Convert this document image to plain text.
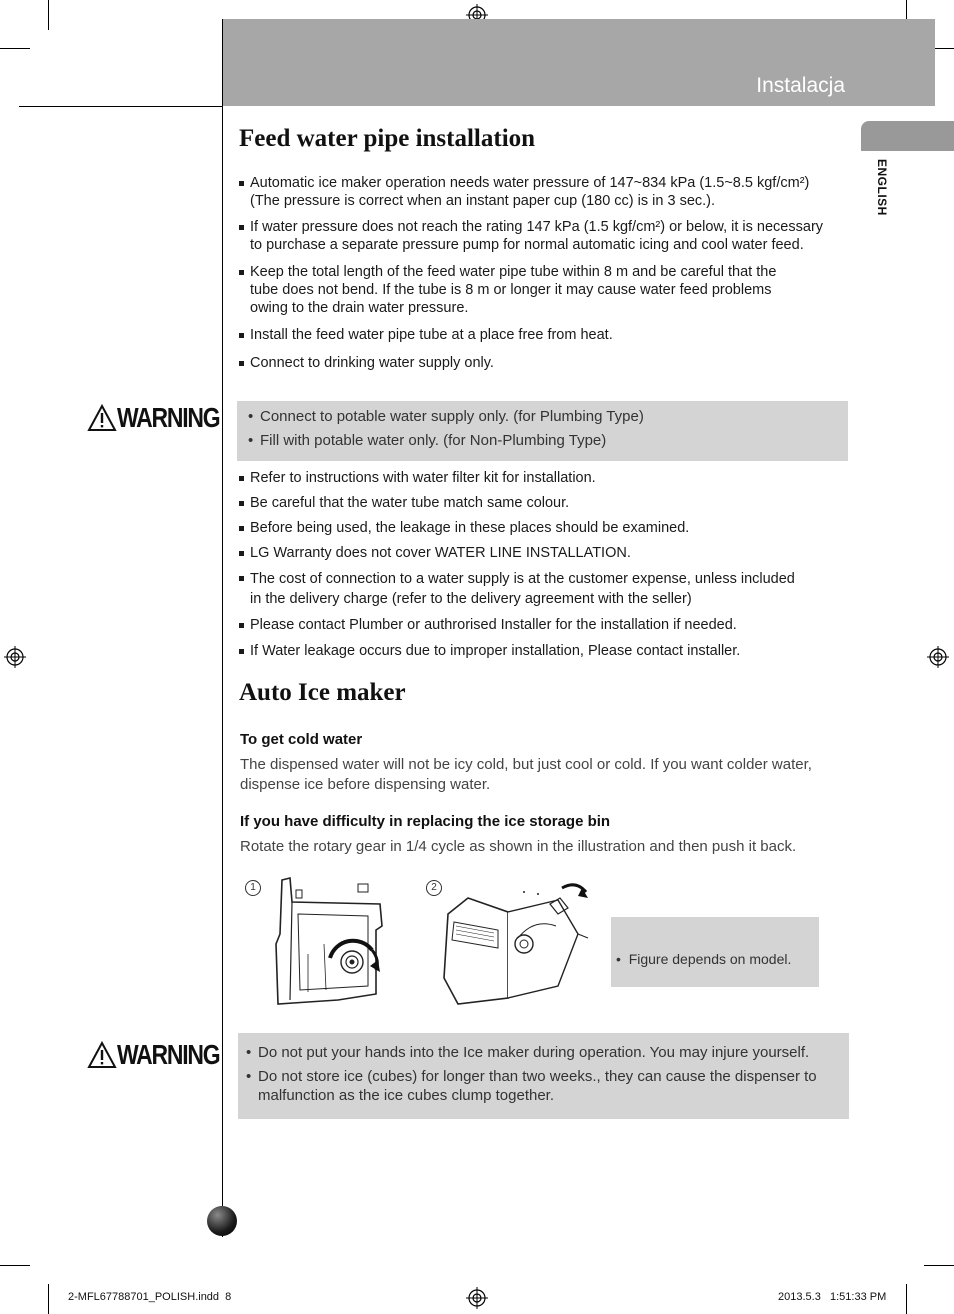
Instalacja
ENGLISH
Feed water pipe installation
Automatic ice maker operation needs water pressure of 147~834 kPa (1.5~8.5 kgf/cm²) (The pressure is correct when an instant paper cup (180 cc) is in 3 sec.).
If water pressure does not reach the rating 147 kPa (1.5 kgf/cm²) or below, it is necessary to purchase a separate pressure pump for normal automatic icing and cool water feed.
Keep the total length of the feed water pipe tube within 8 m and be careful that the tube does not bend. If the tube is 8 m or longer it may cause water feed problems owing to the drain water pressure.
Install the feed water pipe tube at a place free from heat.
Connect to drinking water supply only.
WARNING	• Connect to potable water supply only. (for Plumbing Type)

• Fill with potable water only. (for Non-Plumbing Type)

Refer to instructions with water filter kit for installation.
Be careful that the water tube match same colour.
Before being used, the leakage in these places should be examined.
LG Warranty does not cover WATER LINE INSTALLATION.
The cost of connection to a water supply is at the customer expense, unless included in the delivery charge (refer to the delivery agreement with the seller)
Please contact Plumber or authrorised Installer for the installation if needed.
If Water leakage occurs due to improper installation, Please contact installer.
Auto Ice maker
To get cold water
The dispensed water will not be icy cold, but just cool or cold. If you want colder water, dispense ice before dispensing water.
If you have difficulty in replacing the ice storage bin
Rotate the rotary gear in 1/4 cycle as shown in the illustration and then push it back.
1	2
•  Figure depends on model.
WARNING	• Do not put your hands into the Ice maker during operation. You may injure yourself.

• Do not store ice (cubes) for longer than two weeks., they can cause the dispenser to malfunction as the ice cubes clump together.

2-MFL67788701_POLISH.indd 8	2013.5.3   1:51:33 PM
